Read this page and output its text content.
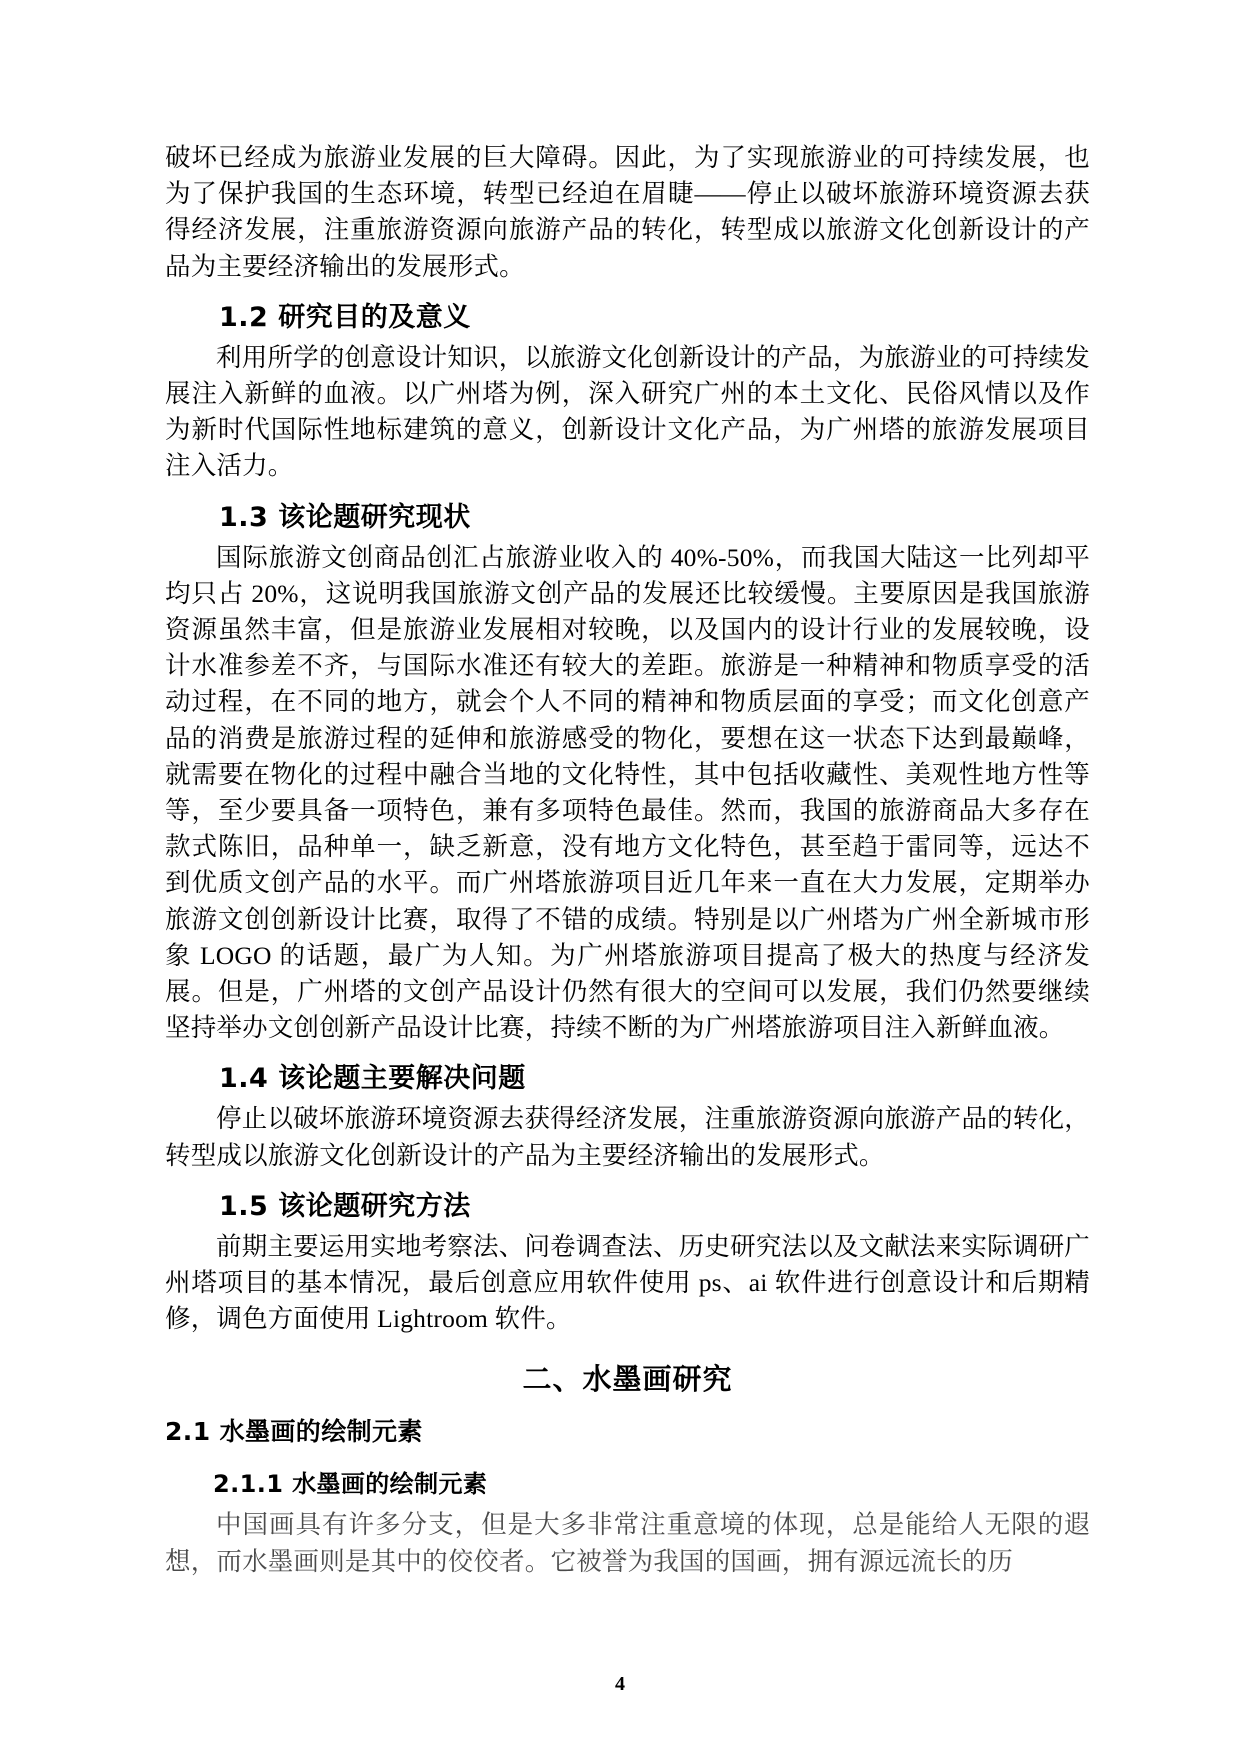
破坏已经成为旅游业发展的巨大障碍。因此，为了实现旅游业的可持续发展，也为了保护我国的生态环境，转型已经迫在眉睫——停止以破坏旅游环境资源去获得经济发展，注重旅游资源向旅游产品的转化，转型成以旅游文化创新设计的产品为主要经济输出的发展形式。

1.2 研究目的及意义

利用所学的创意设计知识，以旅游文化创新设计的产品，为旅游业的可持续发展注入新鲜的血液。以广州塔为例，深入研究广州的本土文化、民俗风情以及作为新时代国际性地标建筑的意义，创新设计文化产品，为广州塔的旅游发展项目注入活力。

1.3 该论题研究现状

国际旅游文创商品创汇占旅游业收入的 40%-50%，而我国大陆这一比列却平均只占 20%，这说明我国旅游文创产品的发展还比较缓慢。主要原因是我国旅游资源虽然丰富，但是旅游业发展相对较晚，以及国内的设计行业的发展较晚，设计水准参差不齐，与国际水准还有较大的差距。旅游是一种精神和物质享受的活动过程，在不同的地方，就会个人不同的精神和物质层面的享受；而文化创意产品的消费是旅游过程的延伸和旅游感受的物化，要想在这一状态下达到最巅峰，就需要在物化的过程中融合当地的文化特性，其中包括收藏性、美观性地方性等等，至少要具备一项特色，兼有多项特色最佳。然而，我国的旅游商品大多存在款式陈旧，品种单一，缺乏新意，没有地方文化特色，甚至趋于雷同等，远达不到优质文创产品的水平。而广州塔旅游项目近几年来一直在大力发展，定期举办旅游文创创新设计比赛，取得了不错的成绩。特别是以广州塔为广州全新城市形象 LOGO 的话题，最广为人知。为广州塔旅游项目提高了极大的热度与经济发展。但是，广州塔的文创产品设计仍然有很大的空间可以发展，我们仍然要继续坚持举办文创创新产品设计比赛，持续不断的为广州塔旅游项目注入新鲜血液。

1.4 该论题主要解决问题

停止以破坏旅游环境资源去获得经济发展，注重旅游资源向旅游产品的转化，转型成以旅游文化创新设计的产品为主要经济输出的发展形式。

1.5 该论题研究方法

前期主要运用实地考察法、问卷调查法、历史研究法以及文献法来实际调研广州塔项目的基本情况，最后创意应用软件使用 ps、ai 软件进行创意设计和后期精修，调色方面使用 Lightroom 软件。

二、水墨画研究
2.1 水墨画的绘制元素
2.1.1 水墨画的绘制元素

中国画具有许多分支，但是大多非常注重意境的体现，总是能给人无限的遐想，而水墨画则是其中的佼佼者。它被誉为我国的国画，拥有源远流长的历

4
